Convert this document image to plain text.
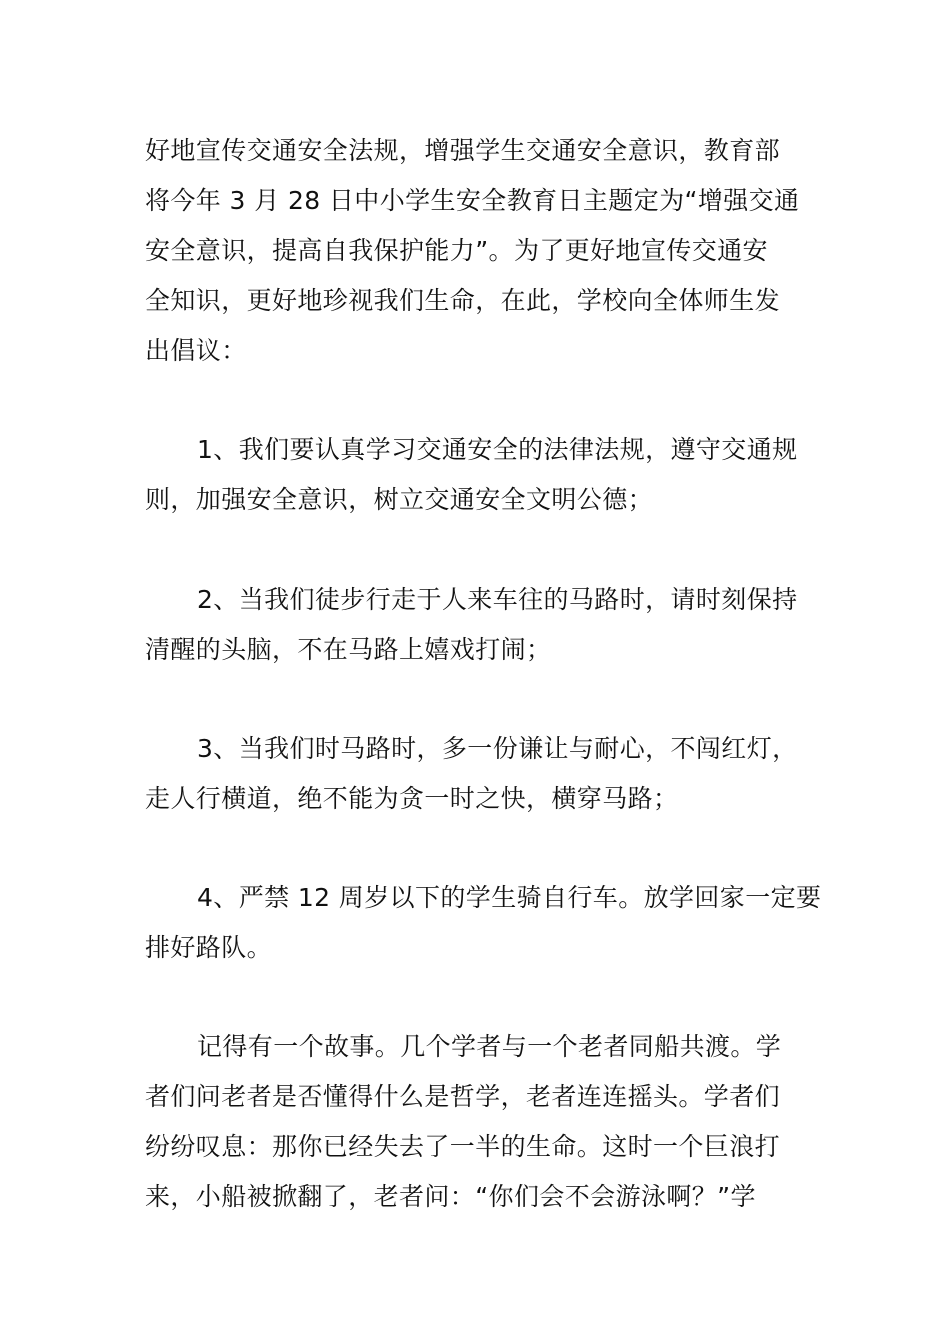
好地宣传交通安全法规，增强学生交通安全意识，教育部
将今年 3 月 28 日中小学生安全教育日主题定为“增强交通
安全意识，提高自我保护能力”。为了更好地宣传交通安
全知识，更好地珍视我们生命，在此，学校向全体师生发
出倡议：
1、我们要认真学习交通安全的法律法规，遵守交通规
则，加强安全意识，树立交通安全文明公德；
2、当我们徒步行走于人来车往的马路时，请时刻保持
清醒的头脑，不在马路上嬉戏打闹；
3、当我们时马路时，多一份谦让与耐心，不闯红灯，
走人行横道，绝不能为贪一时之快，横穿马路；
4、严禁 12 周岁以下的学生骑自行车。放学回家一定要
排好路队。
记得有一个故事。几个学者与一个老者同船共渡。学
者们问老者是否懂得什么是哲学，老者连连摇头。学者们
纷纷叹息：那你已经失去了一半的生命。这时一个巨浪打
来，小船被掀翻了，老者问：“你们会不会游泳啊？”学
